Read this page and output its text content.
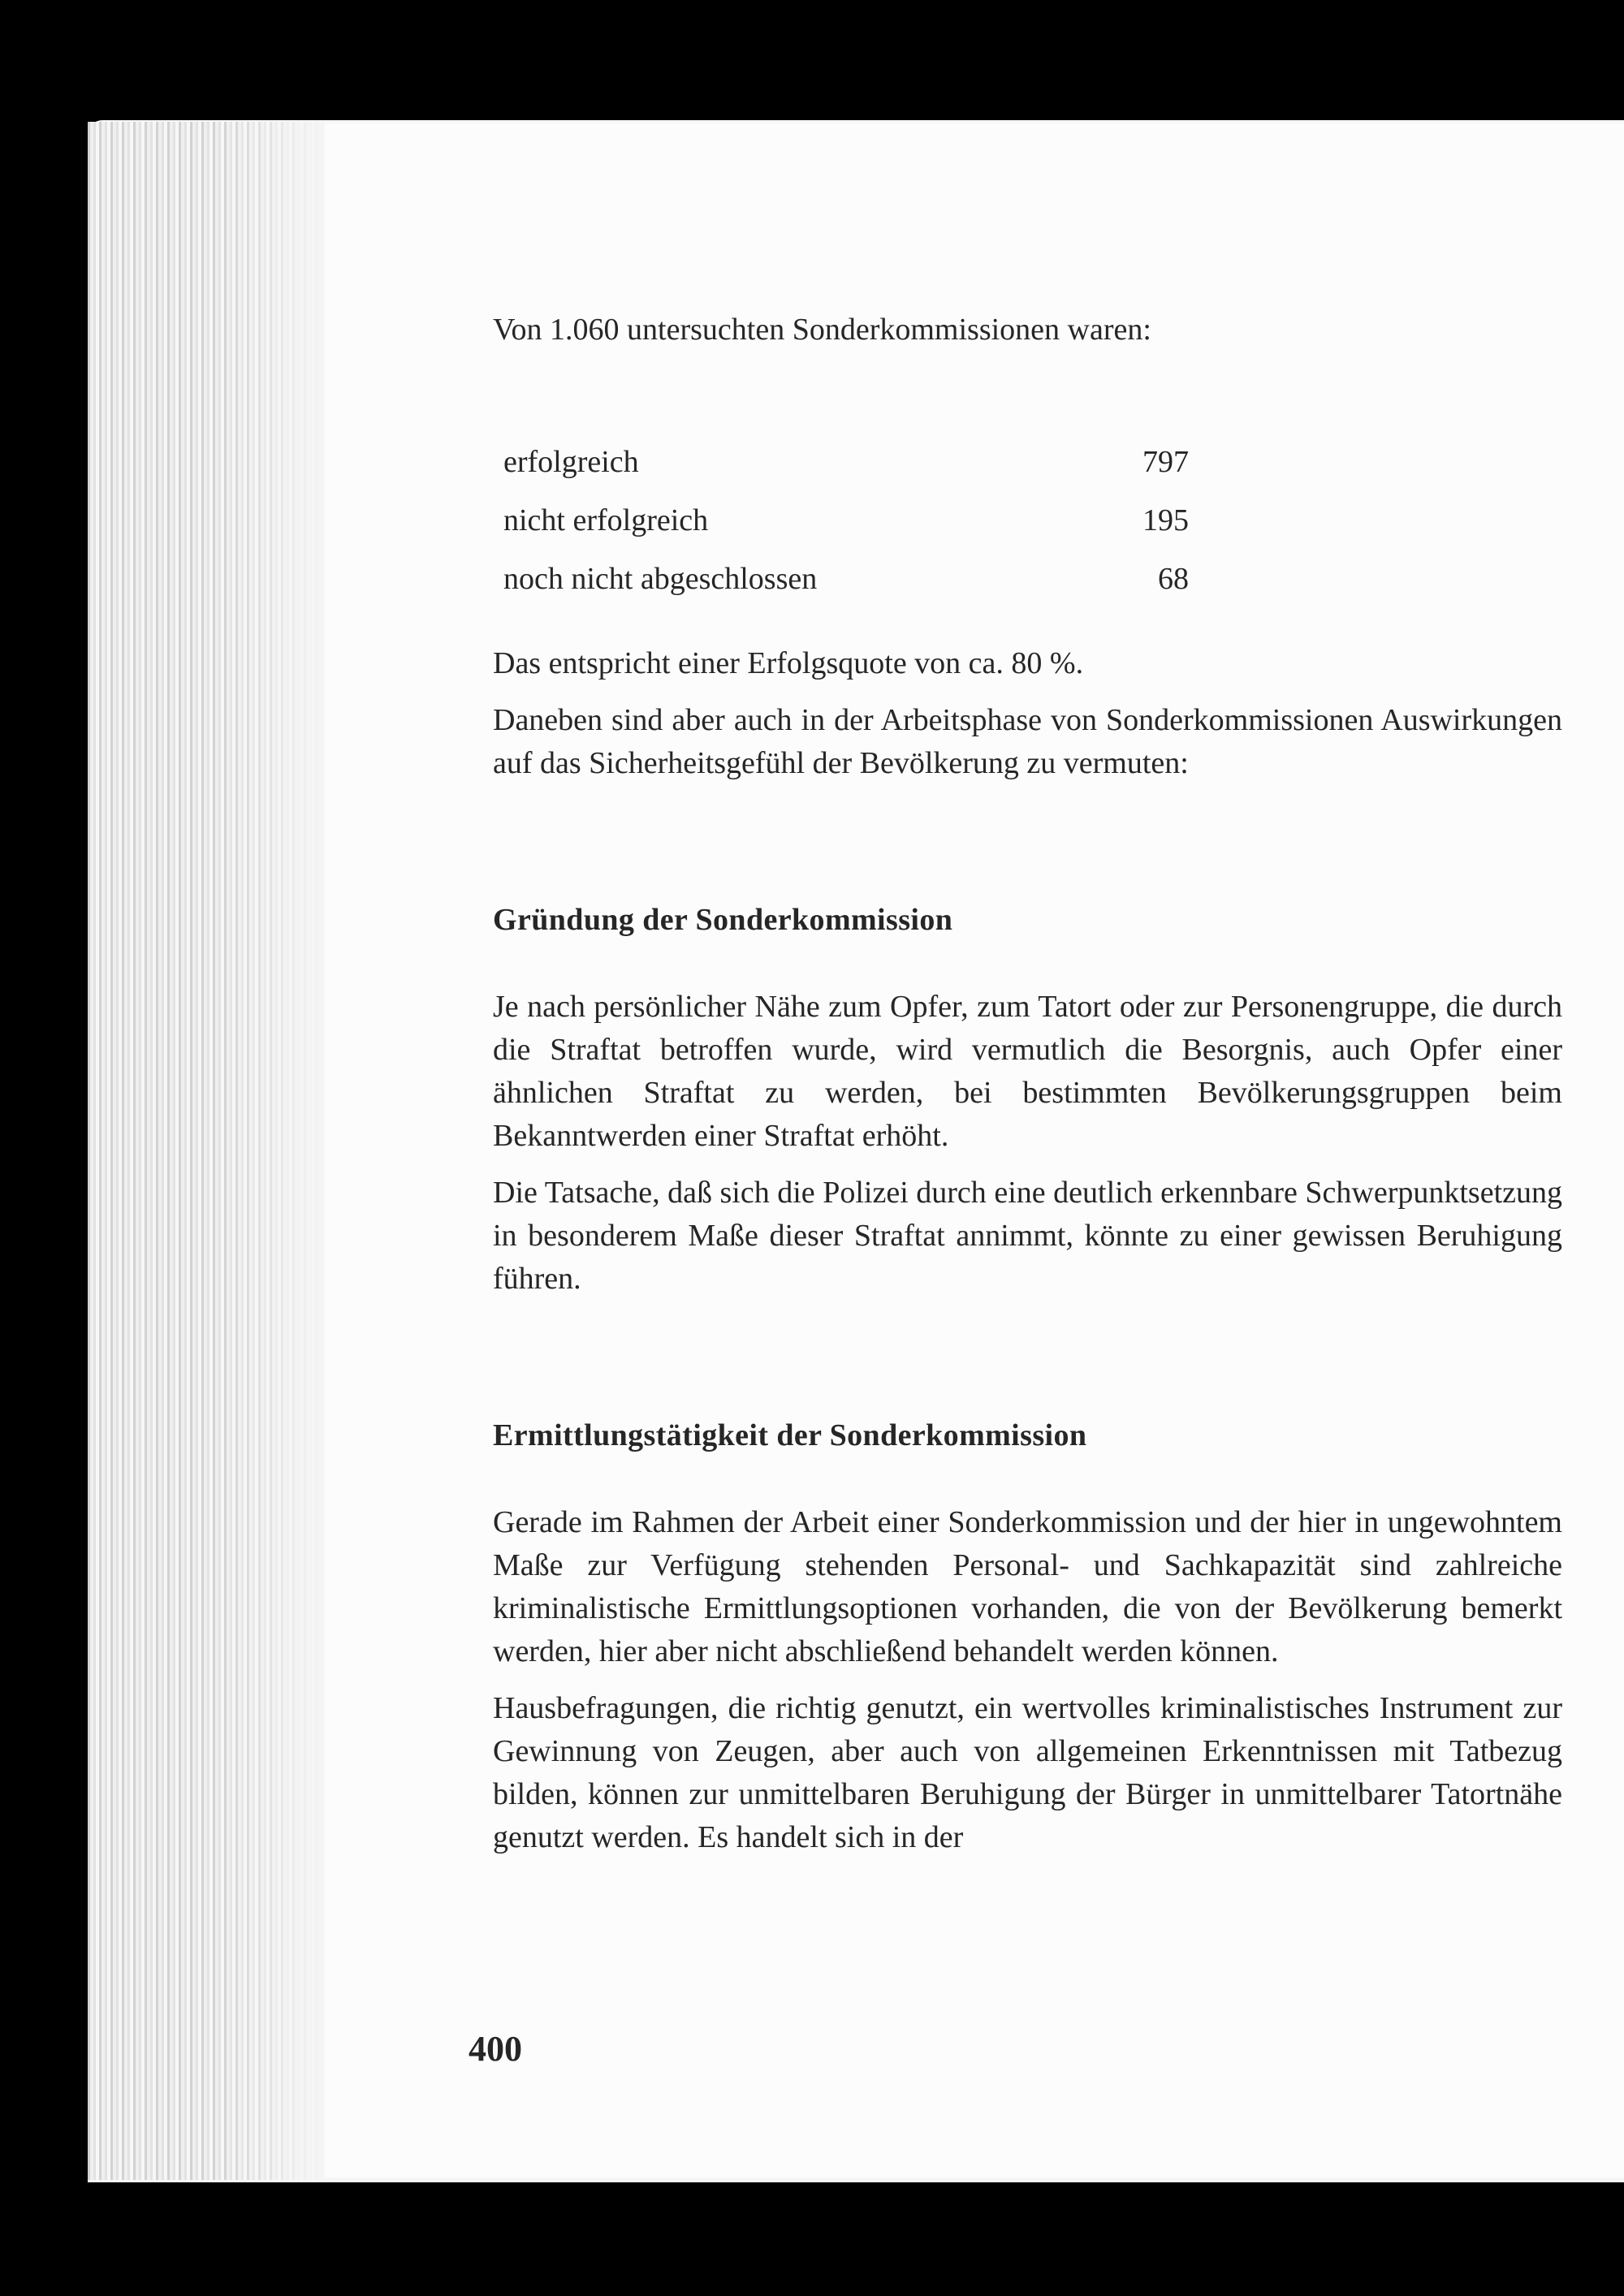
Von 1.060 untersuchten Sonderkommissionen waren:

erfolgreich	797
nicht erfolgreich	195
noch nicht abgeschlossen	68

Das entspricht einer Erfolgsquote von ca. 80 %.

Daneben sind aber auch in der Arbeitsphase von Sonderkommissionen Auswirkungen auf das Sicherheitsgefühl der Bevölkerung zu vermuten:

Gründung der Sonderkommission

Je nach persönlicher Nähe zum Opfer, zum Tatort oder zur Personengruppe, die durch die Straftat betroffen wurde, wird vermutlich die Besorgnis, auch Opfer einer ähnlichen Straftat zu werden, bei bestimmten Bevölkerungsgruppen beim Bekanntwerden einer Straftat erhöht.

Die Tatsache, daß sich die Polizei durch eine deutlich erkennbare Schwerpunktsetzung in besonderem Maße dieser Straftat annimmt, könnte zu einer gewissen Beruhigung führen.

Ermittlungstätigkeit der Sonderkommission

Gerade im Rahmen der Arbeit einer Sonderkommission und der hier in ungewohntem Maße zur Verfügung stehenden Personal- und Sachkapazität sind zahlreiche kriminalistische Ermittlungsoptionen vorhanden, die von der Bevölkerung bemerkt werden, hier aber nicht abschließend behandelt werden können.

Hausbefragungen, die richtig genutzt, ein wertvolles kriminalistisches Instrument zur Gewinnung von Zeugen, aber auch von allgemeinen Erkenntnissen mit Tatbezug bilden, können zur unmittelbaren Beruhigung der Bürger in unmittelbarer Tatortnähe genutzt werden. Es handelt sich in der

400
